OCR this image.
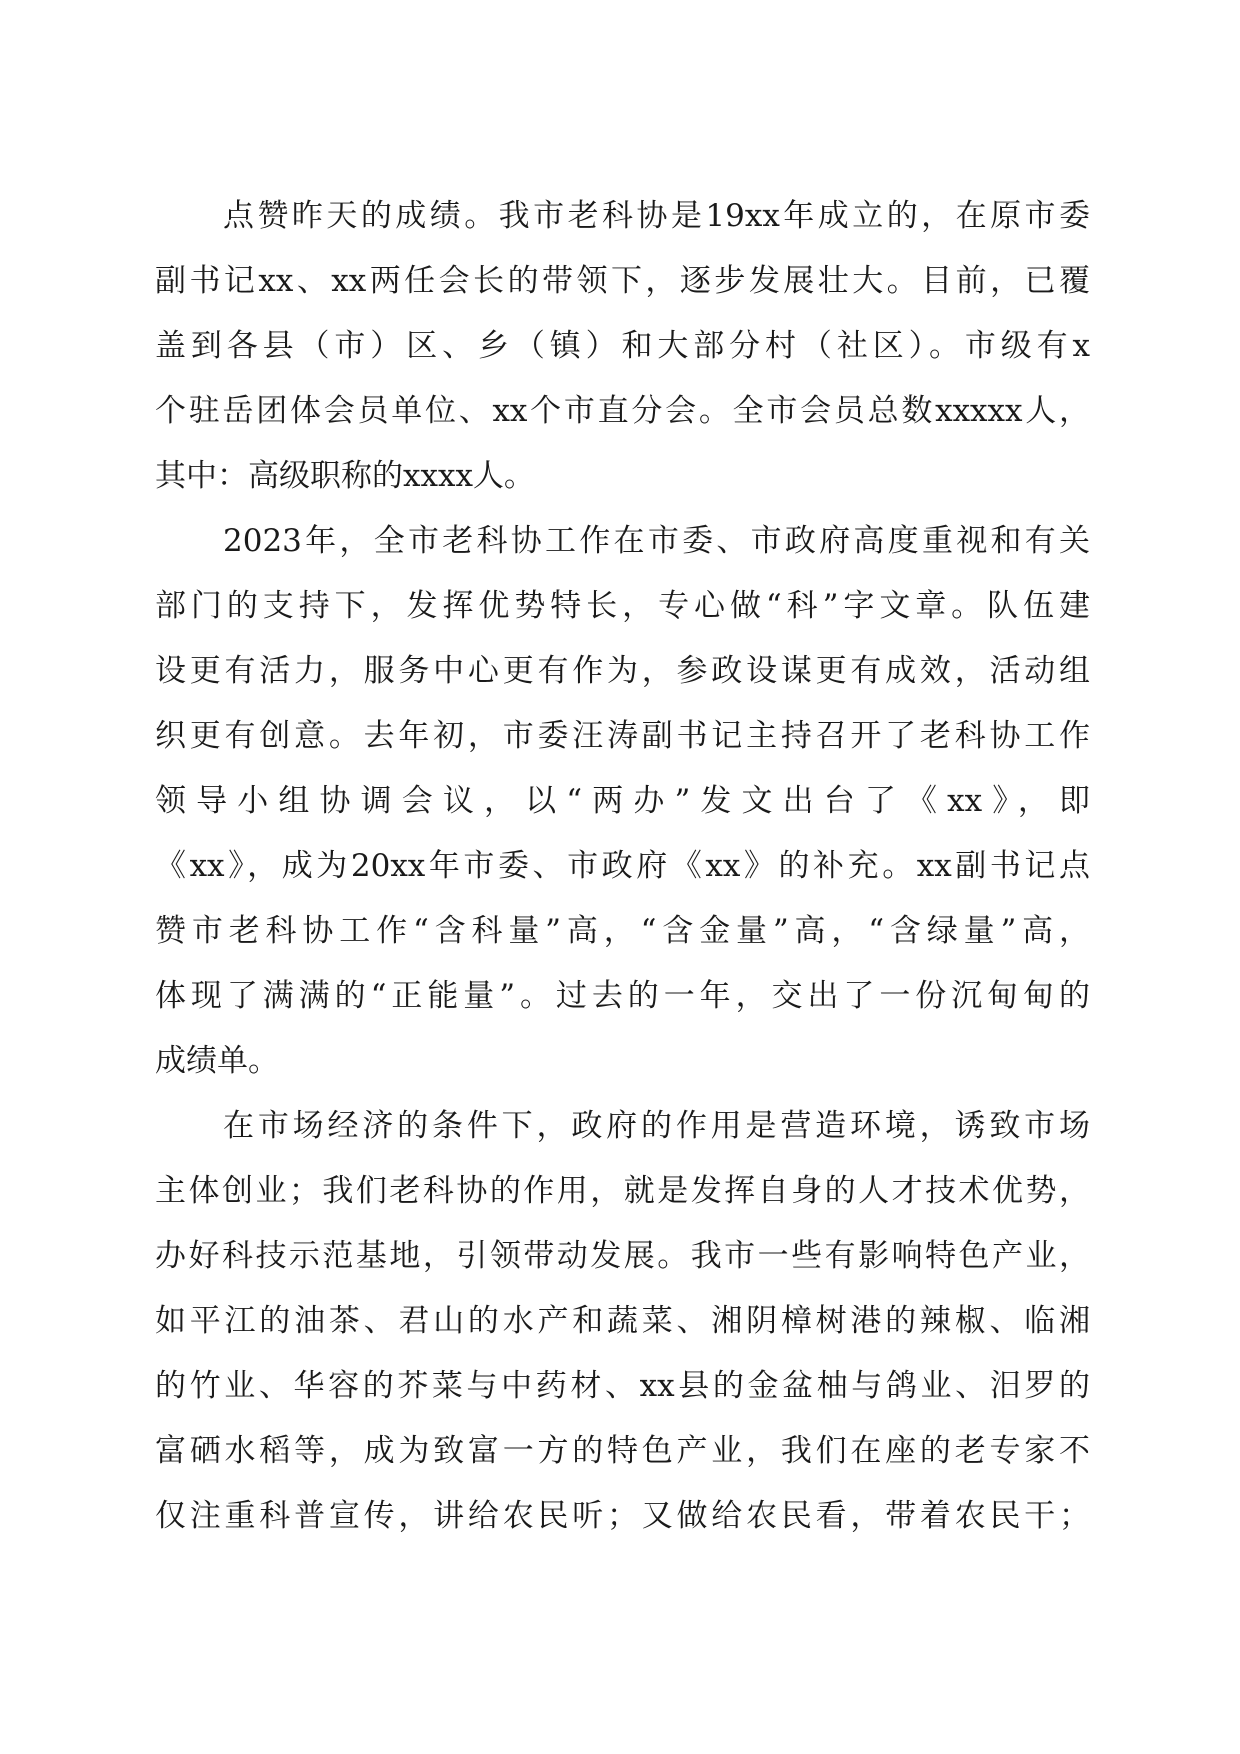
点赞昨天的成绩。我市老科协是19xx年成立的，在原市委
副书记xx、xx两任会长的带领下，逐步发展壮大。目前，已覆
盖到各县（市）区、乡（镇）和大部分村（社区）。市级有x
个驻岳团体会员单位、xx个市直分会。全市会员总数xxxxx人，
其中：高级职称的xxxx人。
2023年，全市老科协工作在市委、市政府高度重视和有关
部门的支持下，发挥优势特长，专心做“科”字文章。队伍建
设更有活力，服务中心更有作为，参政设谋更有成效，活动组
织更有创意。去年初，市委汪涛副书记主持召开了老科协工作
领导小组协调会议，以“两办”发文出台了《xx》，即
《xx》，成为20xx年市委、市政府《xx》的补充。xx副书记点
赞市老科协工作“含科量”高，“含金量”高，“含绿量”高，
体现了满满的“正能量”。过去的一年，交出了一份沉甸甸的
成绩单。
在市场经济的条件下，政府的作用是营造环境，诱致市场
主体创业；我们老科协的作用，就是发挥自身的人才技术优势，
办好科技示范基地，引领带动发展。我市一些有影响特色产业，
如平江的油茶、君山的水产和蔬菜、湘阴樟树港的辣椒、临湘
的竹业、华容的芥菜与中药材、xx县的金盆柚与鸽业、汨罗的
富硒水稻等，成为致富一方的特色产业，我们在座的老专家不
仅注重科普宣传，讲给农民听；又做给农民看，带着农民干；
